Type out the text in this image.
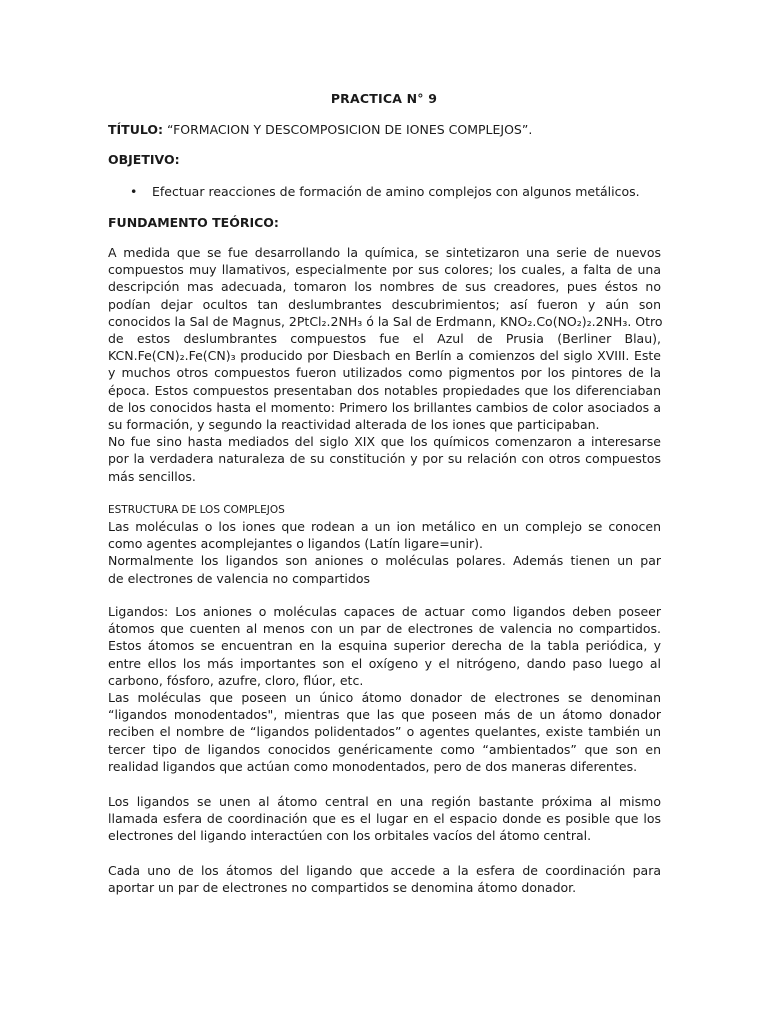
PRACTICA N° 9
TÍTULO: “FORMACION Y DESCOMPOSICION DE IONES COMPLEJOS”.
OBJETIVO:
• Efectuar reacciones de formación de amino complejos con algunos metálicos.
FUNDAMENTO TEÓRICO:
A medida que se fue desarrollando la química, se sintetizaron una serie de nuevos
compuestos muy llamativos, especialmente por sus colores; los cuales, a falta de una
descripción mas adecuada, tomaron los nombres de sus creadores, pues éstos no
podían dejar ocultos tan deslumbrantes descubrimientos; así fueron y aún son
conocidos la Sal de Magnus, 2PtCl₂.2NH₃ ó la Sal de Erdmann, KNO₂.Co(NO₂)₂.2NH₃. Otro
de estos deslumbrantes compuestos fue el Azul de Prusia (Berliner Blau),
KCN.Fe(CN)₂.Fe(CN)₃ producido por Diesbach en Berlín a comienzos del siglo XVIII. Este
y muchos otros compuestos fueron utilizados como pigmentos por los pintores de la
época. Estos compuestos presentaban dos notables propiedades que los diferenciaban
de los conocidos hasta el momento: Primero los brillantes cambios de color asociados a
su formación, y segundo la reactividad alterada de los iones que participaban.
No fue sino hasta mediados del siglo XIX que los químicos comenzaron a interesarse
por la verdadera naturaleza de su constitución y por su relación con otros compuestos
más sencillos.
ESTRUCTURA DE LOS COMPLEJOS
Las moléculas o los iones que rodean a un ion metálico en un complejo se conocen
como agentes acomplejantes o ligandos (Latín ligare=unir).
Normalmente los ligandos son aniones o moléculas polares. Además tienen un par
de electrones de valencia no compartidos
Ligandos: Los aniones o moléculas capaces de actuar como ligandos deben poseer
átomos que cuenten al menos con un par de electrones de valencia no compartidos.
Estos átomos se encuentran en la esquina superior derecha de la tabla periódica, y
entre ellos los más importantes son el oxígeno y el nitrógeno, dando paso luego al
carbono, fósforo, azufre, cloro, flúor, etc.
Las moléculas que poseen un único átomo donador de electrones se denominan
“ligandos monodentados", mientras que las que poseen más de un átomo donador
reciben el nombre de “ligandos polidentados” o agentes quelantes, existe también un
tercer tipo de ligandos conocidos genéricamente como “ambientados” que son en
realidad ligandos que actúan como monodentados, pero de dos maneras diferentes.
Los ligandos se unen al átomo central en una región bastante próxima al mismo
llamada esfera de coordinación que es el lugar en el espacio donde es posible que los
electrones del ligando interactúen con los orbitales vacíos del átomo central.
Cada uno de los átomos del ligando que accede a la esfera de coordinación para
aportar un par de electrones no compartidos se denomina átomo donador.
